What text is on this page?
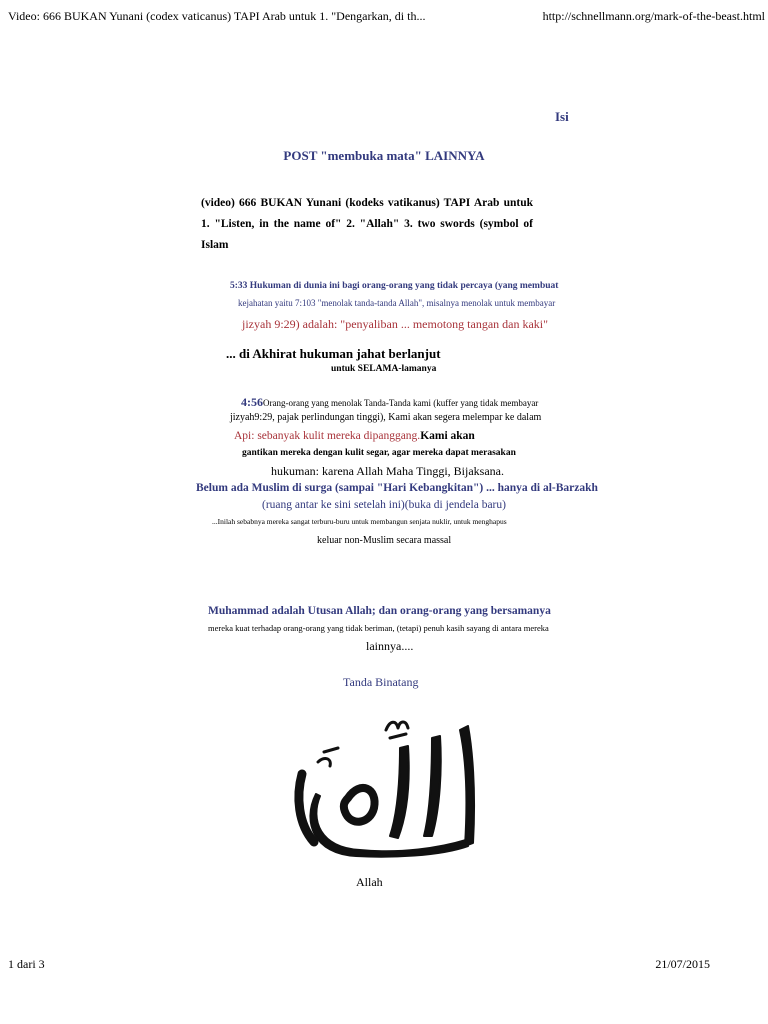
Video: 666 BUKAN Yunani (codex vaticanus) TAPI Arab untuk 1. "Dengarkan, di th...	http://schnellmann.org/mark-of-the-beast.html
Isi
POST "membuka mata" LAINNYA
(video) 666 BUKAN Yunani (kodeks vatikanus) TAPI Arab untuk 1. "Listen, in the name of" 2. "Allah" 3. two swords (symbol of Islam
5:33 Hukuman di dunia ini bagi orang-orang yang tidak percaya (yang membuat
kejahatan yaitu 7:103 "menolak tanda-tanda Allah", misalnya menolak untuk membayar
jizyah 9:29) adalah: "penyaliban ... memotong tangan dan kaki"
... di Akhirat hukuman jahat berlanjut
untuk SELAMA-lamanya
4:56Orang-orang yang menolak Tanda-Tanda kami (kuffer yang tidak membayar
jizyah9:29, pajak perlindungan tinggi), Kami akan segera melempar ke dalam
Api: sebanyak kulit mereka dipanggang.Kami akan
gantikan mereka dengan kulit segar, agar mereka dapat merasakan
hukuman: karena Allah Maha Tinggi, Bijaksana.
Belum ada Muslim di surga (sampai "Hari Kebangkitan") ... hanya di al-Barzakh
(ruang antar ke sini setelah ini)(buka di jendela baru)
...Inilah sebabnya mereka sangat terburu-buru untuk membangun senjata nuklir, untuk menghapus
keluar non-Muslim secara massal
Muhammad adalah Utusan Allah; dan orang-orang yang bersamanya
mereka kuat terhadap orang-orang yang tidak beriman, (tetapi) penuh kasih sayang di antara mereka
lainnya....
Tanda Binatang
Allah
1 dari 3	21/07/2015
